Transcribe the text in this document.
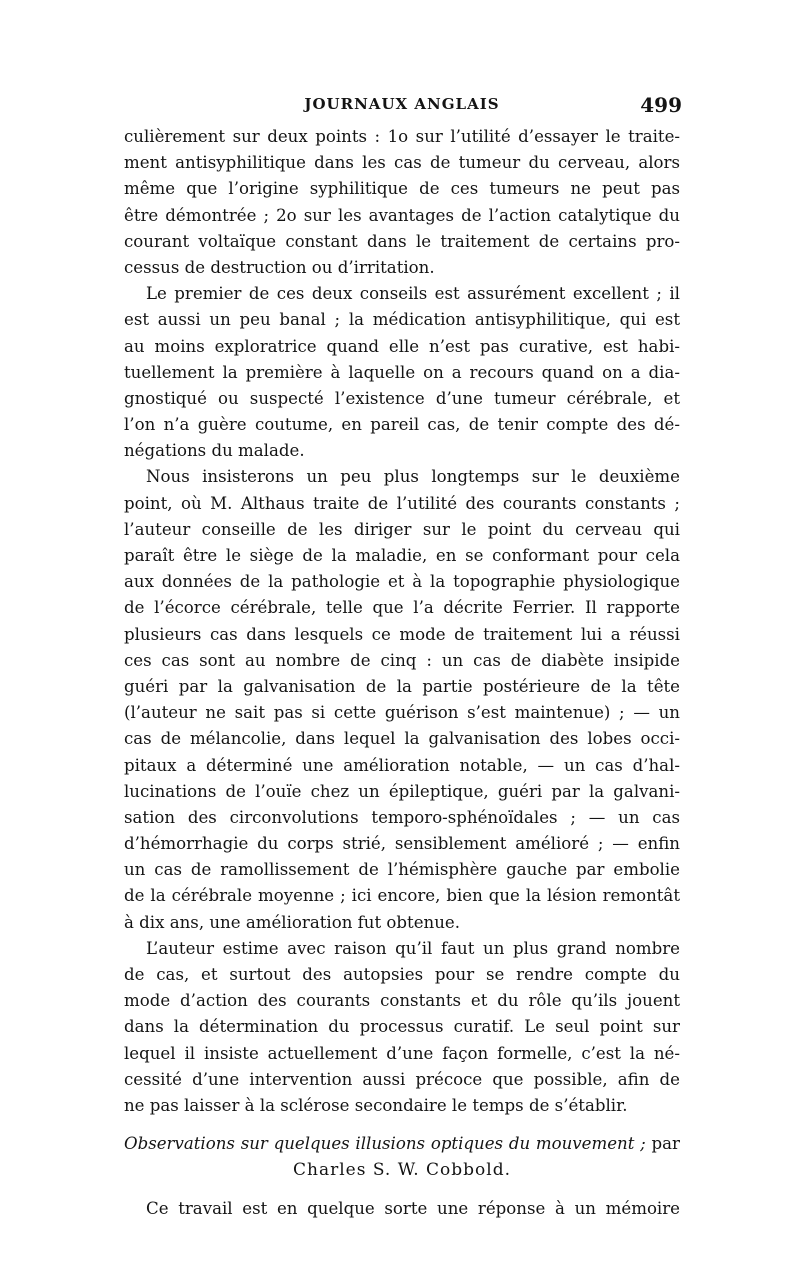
JOURNAUX ANGLAIS	499
culièrement sur deux points : 1o sur l’utilité d’essayer le traite-
ment antisyphilitique dans les cas de tumeur du cerveau, alors
même que l’origine syphilitique de ces tumeurs ne peut pas
être démontrée ; 2o sur les avantages de l’action catalytique du
courant voltaïque constant dans le traitement de certains pro-
cessus de destruction ou d’irritation.
Le premier de ces deux conseils est assurément excellent ; il
est aussi un peu banal ; la médication antisyphilitique, qui est
au moins exploratrice quand elle n’est pas curative, est habi-
tuellement la première à laquelle on a recours quand on a dia-
gnostiqué ou suspecté l’existence d’une tumeur cérébrale, et
l’on n’a guère coutume, en pareil cas, de tenir compte des dé-
négations du malade.
Nous insisterons un peu plus longtemps sur le deuxième
point, où M. Althaus traite de l’utilité des courants constants ;
l’auteur conseille de les diriger sur le point du cerveau qui
paraît être le siège de la maladie, en se conformant pour cela
aux données de la pathologie et à la topographie physiologique
de l’écorce cérébrale, telle que l’a décrite Ferrier. Il rapporte
plusieurs cas dans lesquels ce mode de traitement lui a réussi
ces cas sont au nombre de cinq : un cas de diabète insipide
guéri par la galvanisation de la partie postérieure de la tête
(l’auteur ne sait pas si cette guérison s’est maintenue) ; — un
cas de mélancolie, dans lequel la galvanisation des lobes occi-
pitaux a déterminé une amélioration notable, — un cas d’hal-
lucinations de l’ouïe chez un épileptique, guéri par la galvani-
sation des circonvolutions temporo-sphénoïdales ; — un cas
d’hémorrhagie du corps strié, sensiblement amélioré ; — enfin
un cas de ramollissement de l’hémisphère gauche par embolie
de la cérébrale moyenne ; ici encore, bien que la lésion remontât
à dix ans, une amélioration fut obtenue.
L’auteur estime avec raison qu’il faut un plus grand nombre
de cas, et surtout des autopsies pour se rendre compte du
mode d’action des courants constants et du rôle qu’ils jouent
dans la détermination du processus curatif. Le seul point sur
lequel il insiste actuellement d’une façon formelle, c’est la né-
cessité d’une intervention aussi précoce que possible, afin de
ne pas laisser à la sclérose secondaire le temps de s’établir.
Observations sur quelques illusions optiques du mouvement ; par
Charles S. W. Cobbold.
Ce travail est en quelque sorte une réponse à un mémoire
